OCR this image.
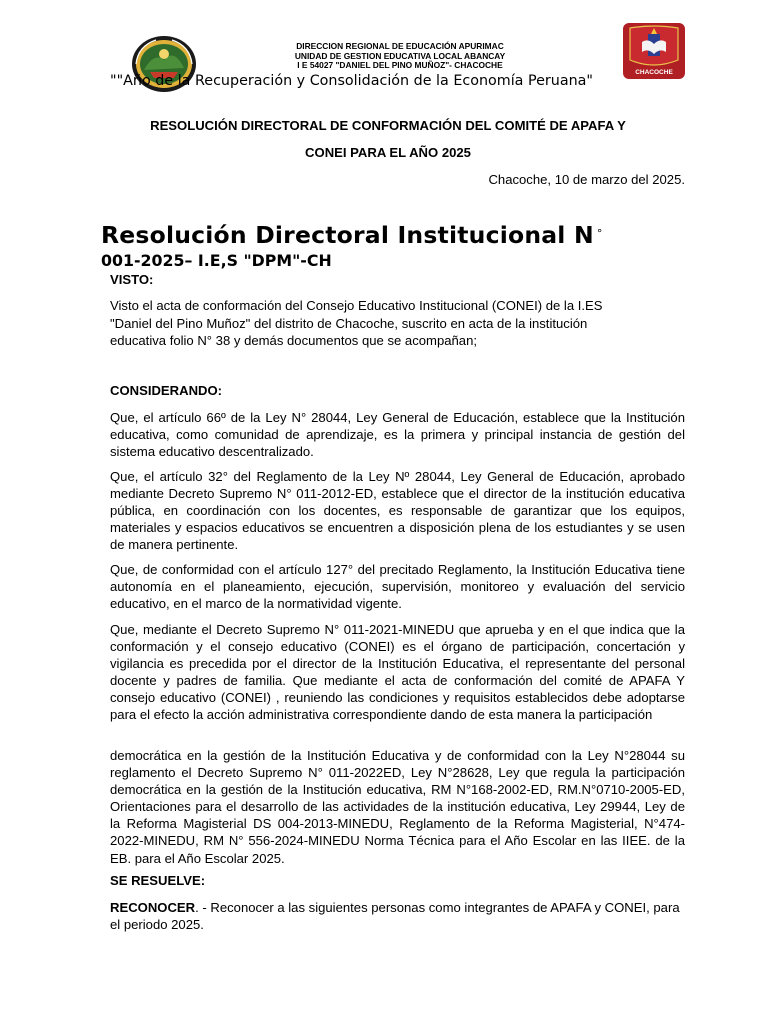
DIRECCION REGIONAL DE EDUCACIÓN APURIMAC
UNIDAD DE GESTION EDUCATIVA LOCAL ABANCAY
I E 54027 "DANIEL DEL PINO MUÑOZ"- CHACOCHE
CHACOCHE
""Año de la Recuperación y Consolidación de la Economía Peruana"
RESOLUCIÓN DIRECTORAL DE CONFORMACIÓN DEL COMITÉ DE APAFA Y
CONEI PARA EL AÑO 2025
Chacoche, 10 de marzo del 2025.
Resolución Directoral Institucional N °
001-2025– I.E,S "DPM"-CH
VISTO:
Visto el acta de conformación del Consejo Educativo Institucional (CONEI) de la I.ES
"Daniel del Pino Muñoz" del distrito de Chacoche, suscrito en acta de la institución
educativa folio N° 38 y demás documentos que se acompañan;
CONSIDERANDO:
Que, el artículo 66º de la Ley N° 28044, Ley General de Educación, establece que la Institución educativa, como comunidad de aprendizaje, es la primera y principal instancia de gestión del sistema educativo descentralizado.
Que, el artículo 32° del Reglamento de la Ley Nº 28044, Ley General de Educación, aprobado mediante Decreto Supremo N° 011-2012-ED, establece que el director de la institución educativa pública, en coordinación con los docentes, es responsable de garantizar que los equipos, materiales y espacios educativos se encuentren a disposición plena de los estudiantes y se usen de manera pertinente.
Que, de conformidad con el artículo 127° del precitado Reglamento, la Institución Educativa tiene autonomía en el planeamiento, ejecución, supervisión, monitoreo y evaluación del servicio educativo, en el marco de la normatividad vigente.
Que, mediante el Decreto Supremo N° 011-2021-MINEDU que aprueba y en el que indica que la conformación y el consejo educativo (CONEI) es el órgano de participación, concertación y vigilancia es precedida por el director de la Institución Educativa, el representante del personal docente y padres de familia. Que mediante el acta de conformación del comité de APAFA Y consejo educativo (CONEI) , reuniendo las condiciones y requisitos establecidos debe adoptarse para el efecto la acción administrativa correspondiente dando de esta manera la participación
democrática en la gestión de la Institución Educativa y de conformidad con la Ley N°28044 su reglamento el Decreto Supremo N° 011-2022ED, Ley N°28628, Ley que regula la participación democrática en la gestión de la Institución educativa, RM N°168-2002-ED, RM.N°0710-2005-ED, Orientaciones para el desarrollo de las actividades de la institución educativa, Ley 29944, Ley de la Reforma Magisterial DS 004-2013-MINEDU, Reglamento de la Reforma Magisterial, N°474-2022-MINEDU, RM N° 556-2024-MINEDU Norma Técnica para el Año Escolar en las IIEE. de la EB. para el Año Escolar 2025.
SE RESUELVE:
RECONOCER. - Reconocer a las siguientes personas como integrantes de APAFA y CONEI, para el periodo 2025.
